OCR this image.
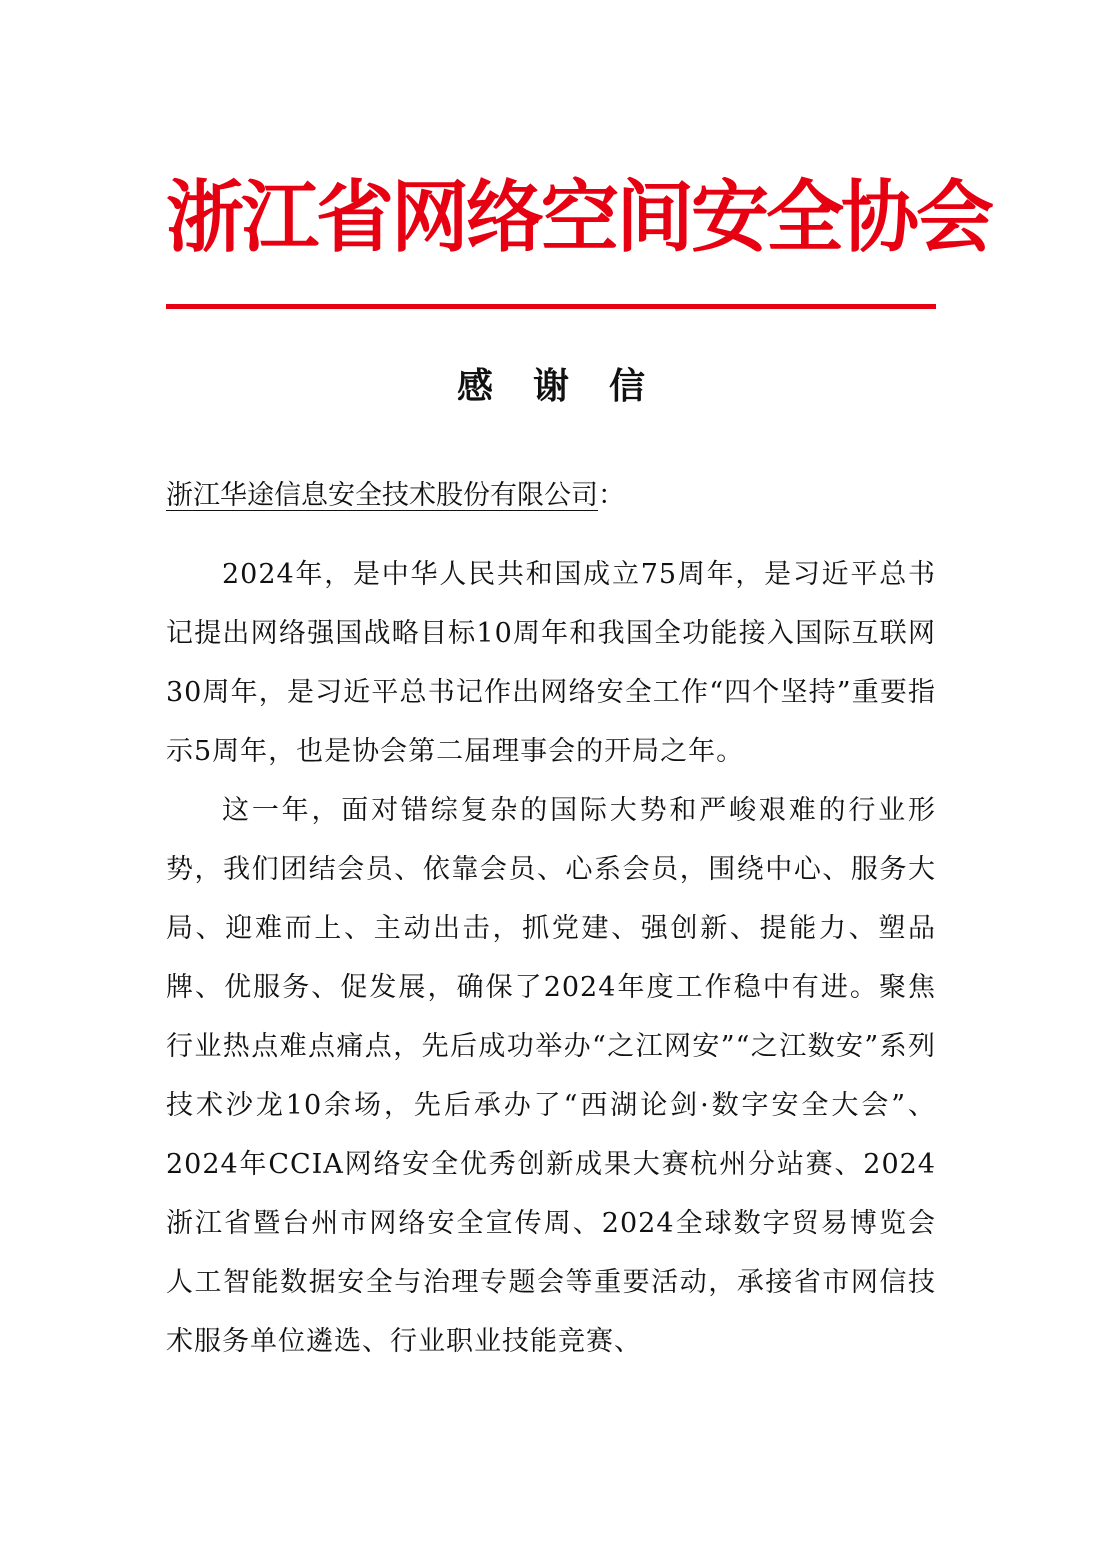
浙江省网络空间安全协会
感谢信
浙江华途信息安全技术股份有限公司：

2024年，是中华人民共和国成立75周年，是习近平总书记提出网络强国战略目标10周年和我国全功能接入国际互联网30周年，是习近平总书记作出网络安全工作“四个坚持”重要指示5周年，也是协会第二届理事会的开局之年。

这一年，面对错综复杂的国际大势和严峻艰难的行业形势，我们团结会员、依靠会员、心系会员，围绕中心、服务大局、迎难而上、主动出击，抓党建、强创新、提能力、塑品牌、优服务、促发展，确保了2024年度工作稳中有进。聚焦行业热点难点痛点，先后成功举办“之江网安”“之江数安”系列技术沙龙10余场，先后承办了“西湖论剑·数字安全大会”、2024年CCIA网络安全优秀创新成果大赛杭州分站赛、2024浙江省暨台州市网络安全宣传周、2024全球数字贸易博览会人工智能数据安全与治理专题会等重要活动，承接省市网信技术服务单位遴选、行业职业技能竞赛、
